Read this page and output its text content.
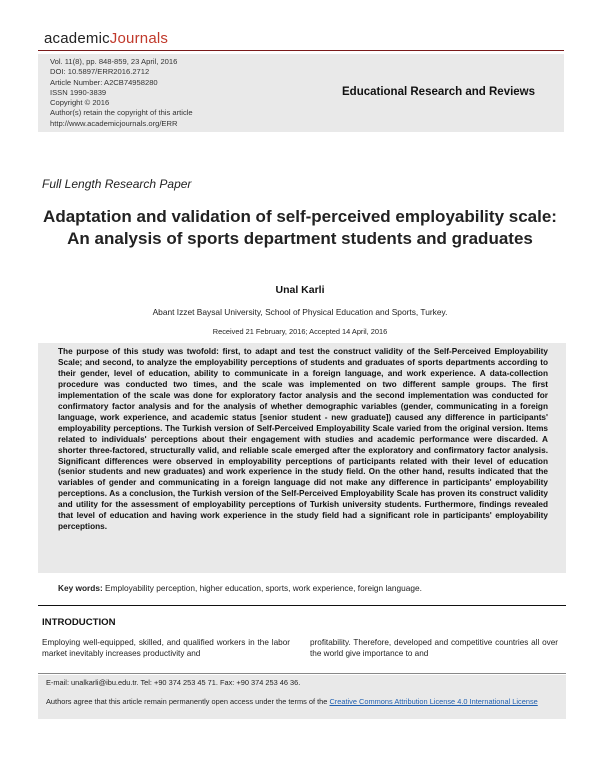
academicJournals
Vol. 11(8), pp. 848-859, 23 April, 2016
DOI: 10.5897/ERR2016.2712
Article Number: A2CB74958280
ISSN 1990-3839
Copyright © 2016
Author(s) retain the copyright of this article
http://www.academicjournals.org/ERR
Educational Research and Reviews
Full Length Research Paper
Adaptation and validation of self-perceived employability scale: An analysis of sports department students and graduates
Unal Karli
Abant Izzet Baysal University, School of Physical Education and Sports, Turkey.
Received 21 February, 2016; Accepted 14 April, 2016
The purpose of this study was twofold: first, to adapt and test the construct validity of the Self-Perceived Employability Scale; and second, to analyze the employability perceptions of students and graduates of sports departments according to their gender, level of education, ability to communicate in a foreign language, and work experience. A data-collection procedure was conducted two times, and the scale was implemented on two different sample groups. The first implementation of the scale was done for exploratory factor analysis and the second implementation was conducted for confirmatory factor analysis and for the analysis of whether demographic variables (gender, communicating in a foreign language, work experience, and academic status [senior student - new graduate]) caused any difference in participants' employability perceptions. The Turkish version of Self-Perceived Employability Scale varied from the original version. Items related to individuals' perceptions about their engagement with studies and academic performance were discarded. A shorter three-factored, structurally valid, and reliable scale emerged after the exploratory and confirmatory factor analysis. Significant differences were observed in employability perceptions of participants related with their level of education (senior students and new graduates) and work experience in the study field. On the other hand, results indicated that the variables of gender and communicating in a foreign language did not make any difference in participants' employability perceptions. As a conclusion, the Turkish version of the Self-Perceived Employability Scale has proven its construct validity and utility for the assessment of employability perceptions of Turkish university students. Furthermore, findings revealed that level of education and having work experience in the study field had a significant role in participants' employability perceptions.
Key words: Employability perception, higher education, sports, work experience, foreign language.
INTRODUCTION
Employing well-equipped, skilled, and qualified workers in the labor market inevitably increases productivity and
profitability. Therefore, developed and competitive countries all over the world give importance to and
E-mail: unalkarli@ibu.edu.tr. Tel: +90 374 253 45 71. Fax: +90 374 253 46 36.
Authors agree that this article remain permanently open access under the terms of the Creative Commons Attribution License 4.0 International License
